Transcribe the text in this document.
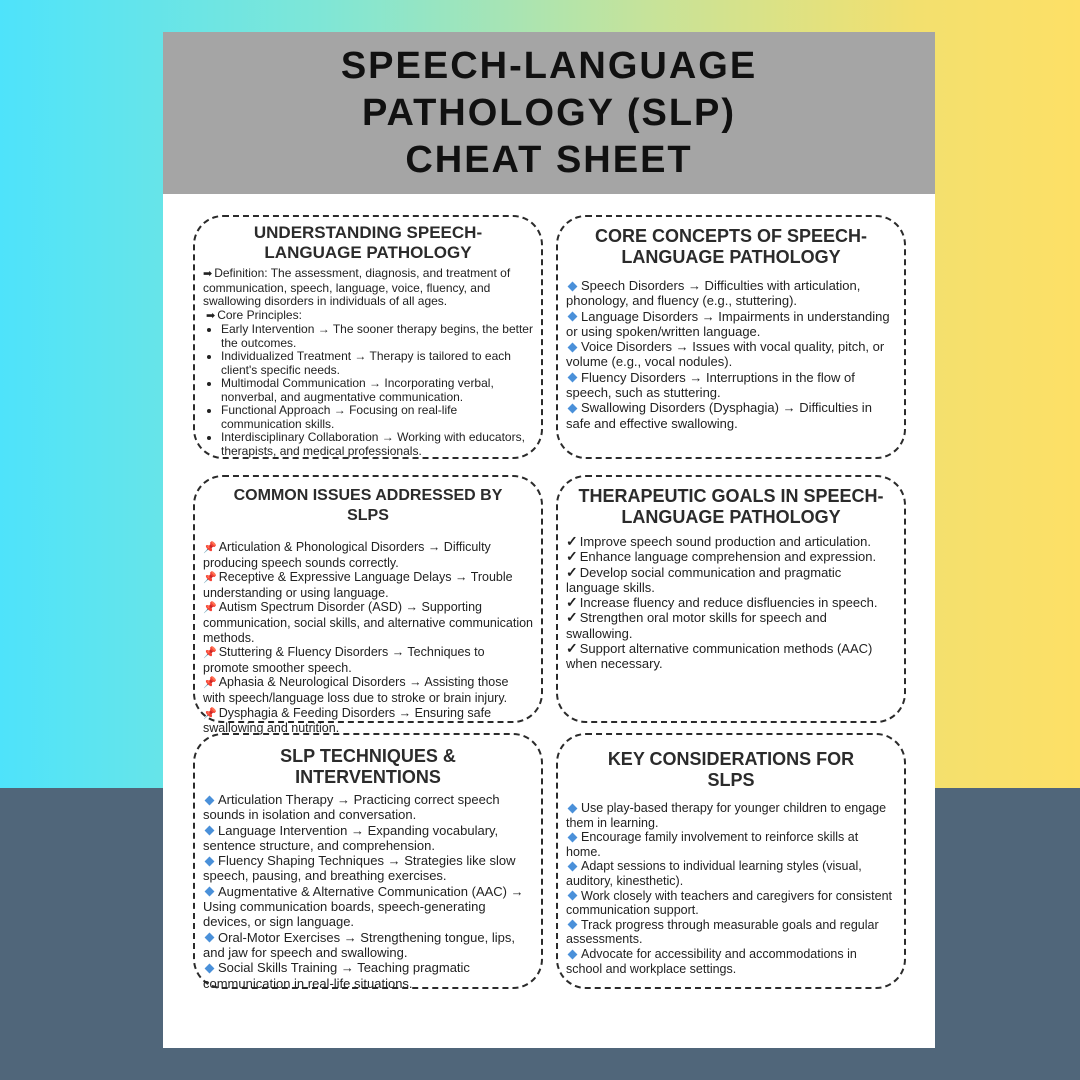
SPEECH-LANGUAGE
PATHOLOGY (SLP)
CHEAT SHEET
UNDERSTANDING SPEECH-LANGUAGE PATHOLOGY
➡ Definition: The assessment, diagnosis, and treatment of communication, speech, language, voice, fluency, and swallowing disorders in individuals of all ages.
➡ Core Principles:
• Early Intervention → The sooner therapy begins, the better the outcomes.
• Individualized Treatment → Therapy is tailored to each client's specific needs.
• Multimodal Communication → Incorporating verbal, nonverbal, and augmentative communication.
• Functional Approach → Focusing on real-life communication skills.
• Interdisciplinary Collaboration → Working with educators, therapists, and medical professionals.
CORE CONCEPTS OF SPEECH-LANGUAGE PATHOLOGY
Speech Disorders → Difficulties with articulation, phonology, and fluency (e.g., stuttering).
Language Disorders → Impairments in understanding or using spoken/written language.
Voice Disorders → Issues with vocal quality, pitch, or volume (e.g., vocal nodules).
Fluency Disorders → Interruptions in the flow of speech, such as stuttering.
Swallowing Disorders (Dysphagia) → Difficulties in safe and effective swallowing.
COMMON ISSUES ADDRESSED BY SLPS
📌 Articulation & Phonological Disorders → Difficulty producing speech sounds correctly.
📌 Receptive & Expressive Language Delays → Trouble understanding or using language.
📌 Autism Spectrum Disorder (ASD) → Supporting communication, social skills, and alternative communication methods.
📌 Stuttering & Fluency Disorders → Techniques to promote smoother speech.
📌 Aphasia & Neurological Disorders → Assisting those with speech/language loss due to stroke or brain injury.
📌 Dysphagia & Feeding Disorders → Ensuring safe swallowing and nutrition.
THERAPEUTIC GOALS IN SPEECH-LANGUAGE PATHOLOGY
✓ Improve speech sound production and articulation.
✓ Enhance language comprehension and expression.
✓ Develop social communication and pragmatic language skills.
✓ Increase fluency and reduce disfluencies in speech.
✓ Strengthen oral motor skills for speech and swallowing.
✓ Support alternative communication methods (AAC) when necessary.
SLP TECHNIQUES & INTERVENTIONS
Articulation Therapy → Practicing correct speech sounds in isolation and conversation.
Language Intervention → Expanding vocabulary, sentence structure, and comprehension.
Fluency Shaping Techniques → Strategies like slow speech, pausing, and breathing exercises.
Augmentative & Alternative Communication (AAC) → Using communication boards, speech-generating devices, or sign language.
Oral-Motor Exercises → Strengthening tongue, lips, and jaw for speech and swallowing.
Social Skills Training → Teaching pragmatic communication in real-life situations.
KEY CONSIDERATIONS FOR SLPS
Use play-based therapy for younger children to engage them in learning.
Encourage family involvement to reinforce skills at home.
Adapt sessions to individual learning styles (visual, auditory, kinesthetic).
Work closely with teachers and caregivers for consistent communication support.
Track progress through measurable goals and regular assessments.
Advocate for accessibility and accommodations in school and workplace settings.
